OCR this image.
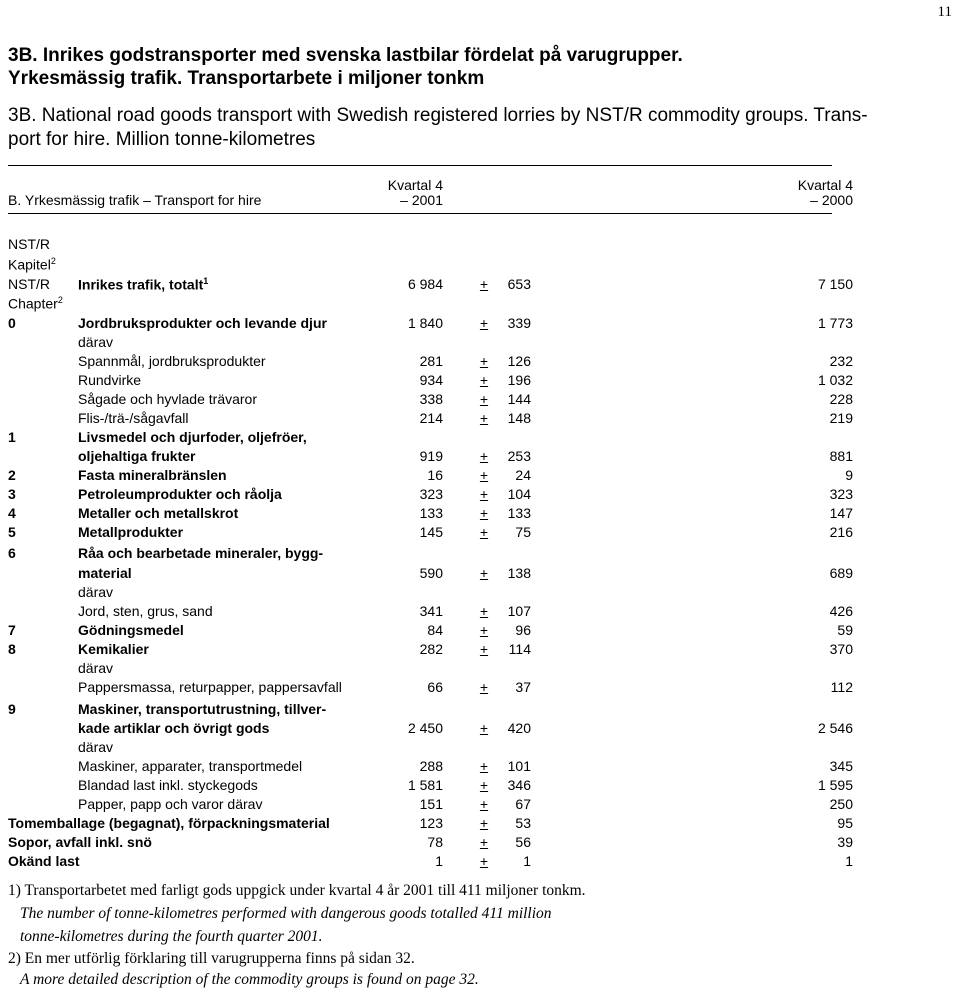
11
3B. Inrikes godstransporter med svenska lastbilar fördelat på varugrupper.
Yrkesmässig trafik. Transportarbete i miljoner tonkm
3B. National road goods transport with Swedish registered lorries by NST/R commodity groups. Trans-
port for hire. Million tonne-kilometres
B. Yrkesmässig trafik – Transport for hire
Kvartal 4
– 2001
Kvartal 4
– 2000
NST/R
Kapitel$^2$
Chapter$^2$
NST/R Inrikes trafik, totalt$^1$	6 984	+ 653	7 150
0	Jordbruksprodukter och levande djur	1 840	+ 339	1 773
därav
Spannmål, jordbruksprodukter	281	+ 126	232
Rundvirke	934	+ 196	1 032
Sågade och hyvlade trävaror	338	+ 144	228
Flis-/trä-/sågavfall	214	+ 148	219
1	Livsmedel och djurfoder, oljefröer,
oljehaltiga frukter	919	+ 253	881
2	Fasta mineralbränslen	16	+ 24	9
3	Petroleumprodukter och råolja	323	+ 104	323
4	Metaller och metallskrot	133	+ 133	147
5	Metallprodukter	145	+ 75	216
6	Råa och bearbetade mineraler, bygg-
material	590	+ 138	689
därav
Jord, sten, grus, sand	341	+ 107	426
7	Gödningsmedel	84	+ 96	59
8	Kemikalier	282	+ 114	370
därav
Pappersmassa, returpapper, pappersavfall	66	+ 37	112
9	Maskiner, transportutrustning, tillver-
kade artiklar och övrigt gods	2 450	+ 420	2 546
därav
Maskiner, apparater, transportmedel	288	+ 101	345
Blandad last inkl. styckegods	1 581	+ 346	1 595
Papper, papp och varor därav	151	+ 67	250
Tomemballage (begagnat), förpackningsmaterial	123	+ 53	95
Sopor, avfall inkl. snö	78	+ 56	39
Okänd last	1	+	1	1
1) Transportarbetet med farligt gods uppgick under kvartal 4 år 2001 till 411 miljoner tonkm.
The number of tonne-kilometres performed with dangerous goods totalled 411 million
tonne-kilometres during the fourth quarter 2001.
2) En mer utförlig förklaring till varugrupperna finns på sidan 32.
A more detailed description of the commodity groups is found on page 32.
